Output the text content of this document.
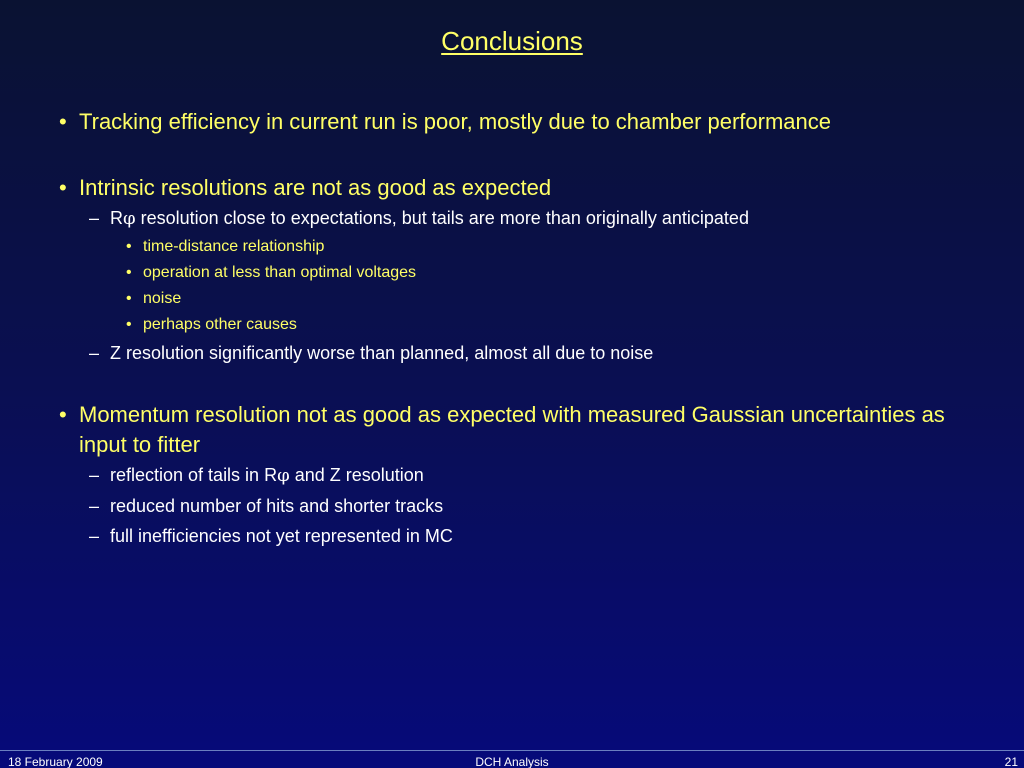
Conclusions
• Tracking efficiency in current run is poor, mostly due to chamber performance
• Intrinsic resolutions are not as good as expected
– Rφ resolution close to expectations, but tails are more than originally anticipated
• time-distance relationship
• operation at less than optimal voltages
• noise
• perhaps other causes
– Z resolution significantly worse than planned, almost all due to noise
• Momentum resolution not as good as expected with measured Gaussian uncertainties as input to fitter
– reflection of tails in Rφ and Z resolution
– reduced number of hits and shorter tracks
– full inefficiencies not yet represented in MC
18 February 2009	DCH Analysis	21
